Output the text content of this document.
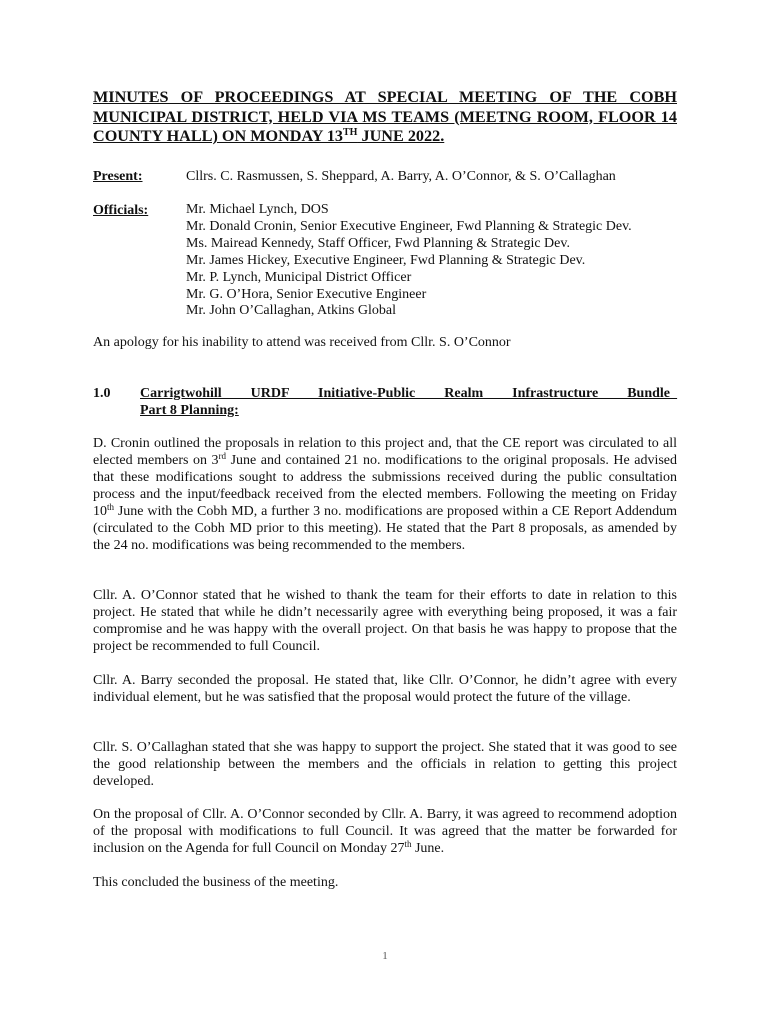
MINUTES OF PROCEEDINGS AT SPECIAL MEETING OF THE COBH MUNICIPAL DISTRICT, HELD VIA MS TEAMS (MEETNG ROOM, FLOOR 14 COUNTY HALL) ON MONDAY 13TH JUNE 2022.
Present:	Cllrs. C. Rasmussen, S. Sheppard, A. Barry, A. O’Connor, & S. O’Callaghan
Officials:	Mr. Michael Lynch, DOS
Mr. Donald Cronin, Senior Executive Engineer, Fwd Planning & Strategic Dev.
Ms. Mairead Kennedy, Staff Officer, Fwd Planning & Strategic Dev.
Mr. James Hickey, Executive Engineer, Fwd Planning & Strategic Dev.
Mr. P. Lynch, Municipal District Officer
Mr. G. O’Hora, Senior Executive Engineer
Mr. John O’Callaghan, Atkins Global

An apology for his inability to attend was received from Cllr. S. O’Connor

1.0 Carrigtwohill URDF Initiative-Public Realm Infrastructure Bundle_
Part 8 Planning:

D. Cronin outlined the proposals in relation to this project and, that the CE report was circulated to all elected members on 3rd June and contained 21 no. modifications to the original proposals. He advised that these modifications sought to address the submissions received during the public consultation process and the input/feedback received from the elected members. Following the meeting on Friday 10th June with the Cobh MD, a further 3 no. modifications are proposed within a CE Report Addendum (circulated to the Cobh MD prior to this meeting). He stated that the Part 8 proposals, as amended by the 24 no. modifications was being recommended to the members.

Cllr. A. O’Connor stated that he wished to thank the team for their efforts to date in relation to this project. He stated that while he didn’t necessarily agree with everything being proposed, it was a fair compromise and he was happy with the overall project. On that basis he was happy to propose that the project be recommended to full Council.

Cllr. A. Barry seconded the proposal. He stated that, like Cllr. O’Connor, he didn’t agree with every individual element, but he was satisfied that the proposal would protect the future of the village.

Cllr. S. O’Callaghan stated that she was happy to support the project. She stated that it was good to see the good relationship between the members and the officials in relation to getting this project developed.

On the proposal of Cllr. A. O’Connor seconded by Cllr. A. Barry, it was agreed to recommend adoption of the proposal with modifications to full Council. It was agreed that the matter be forwarded for inclusion on the Agenda for full Council on Monday 27th June.

This concluded the business of the meeting.

1
